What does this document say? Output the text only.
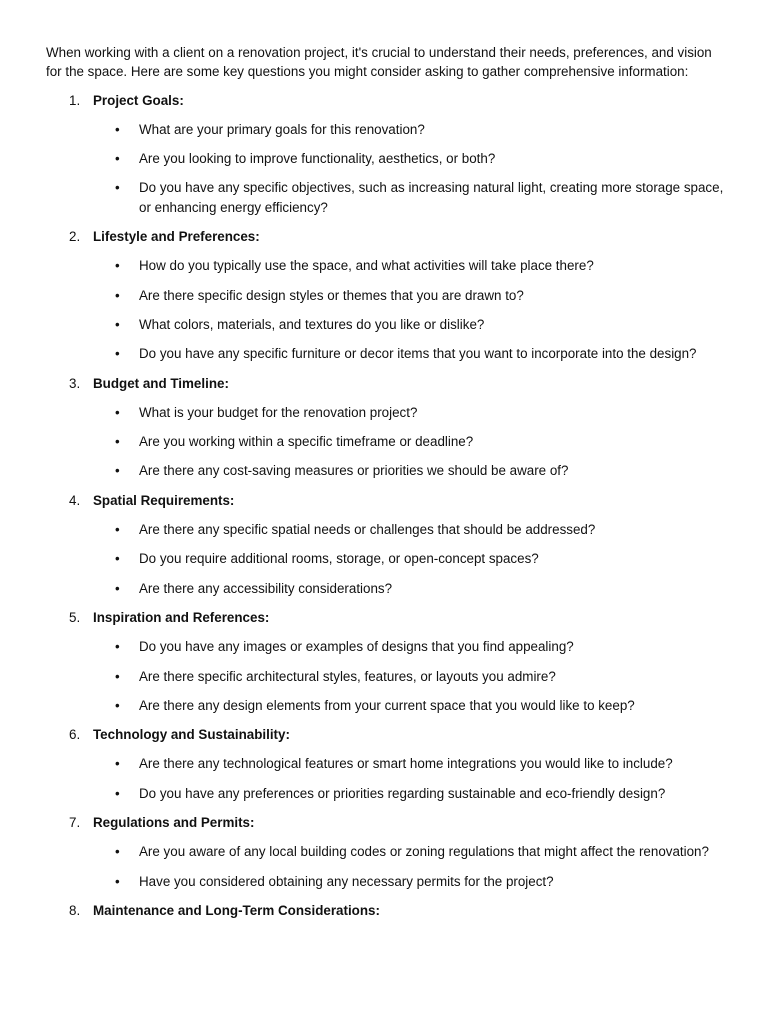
When working with a client on a renovation project, it's crucial to understand their needs, preferences, and vision for the space. Here are some key questions you might consider asking to gather comprehensive information:

1. Project Goals:
• What are your primary goals for this renovation?
• Are you looking to improve functionality, aesthetics, or both?
• Do you have any specific objectives, such as increasing natural light, creating more storage space, or enhancing energy efficiency?
2. Lifestyle and Preferences:
• How do you typically use the space, and what activities will take place there?
• Are there specific design styles or themes that you are drawn to?
• What colors, materials, and textures do you like or dislike?
• Do you have any specific furniture or decor items that you want to incorporate into the design?
3. Budget and Timeline:
• What is your budget for the renovation project?
• Are you working within a specific timeframe or deadline?
• Are there any cost-saving measures or priorities we should be aware of?
4. Spatial Requirements:
• Are there any specific spatial needs or challenges that should be addressed?
• Do you require additional rooms, storage, or open-concept spaces?
• Are there any accessibility considerations?
5. Inspiration and References:
• Do you have any images or examples of designs that you find appealing?
• Are there specific architectural styles, features, or layouts you admire?
• Are there any design elements from your current space that you would like to keep?
6. Technology and Sustainability:
• Are there any technological features or smart home integrations you would like to include?
• Do you have any preferences or priorities regarding sustainable and eco-friendly design?
7. Regulations and Permits:
• Are you aware of any local building codes or zoning regulations that might affect the renovation?
• Have you considered obtaining any necessary permits for the project?
8. Maintenance and Long-Term Considerations:
